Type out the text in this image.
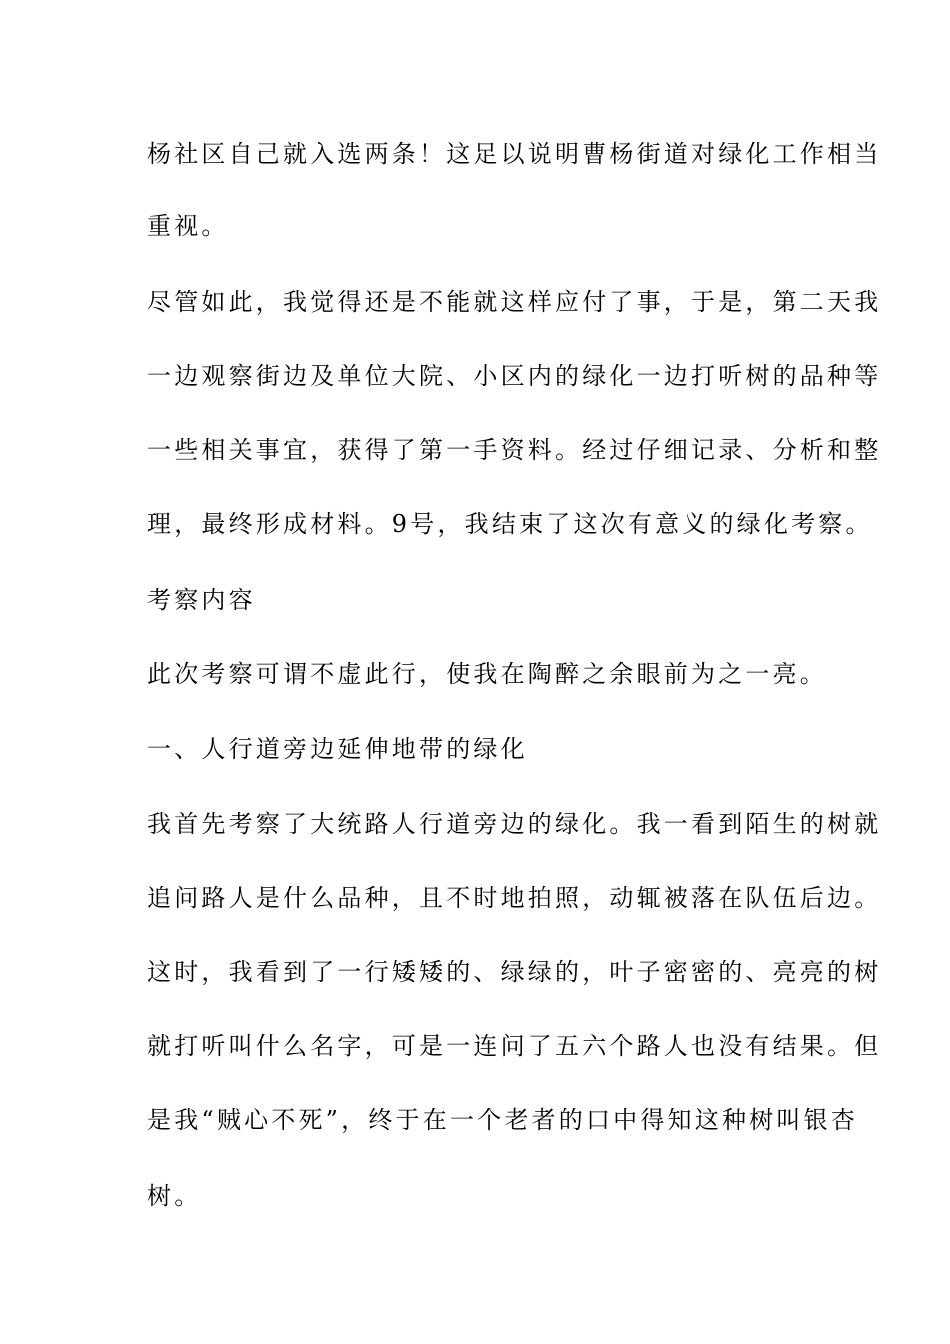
杨社区自己就入选两条！这足以说明曹杨街道对绿化工作相当
重视。
尽管如此，我觉得还是不能就这样应付了事，于是，第二天我
一边观察街边及单位大院、小区内的绿化一边打听树的品种等
一些相关事宜，获得了第一手资料。经过仔细记录、分析和整
理，最终形成材料。9号，我结束了这次有意义的绿化考察。
考察内容
此次考察可谓不虚此行，使我在陶醉之余眼前为之一亮。
一、人行道旁边延伸地带的绿化
我首先考察了大统路人行道旁边的绿化。我一看到陌生的树就
追问路人是什么品种，且不时地拍照，动辄被落在队伍后边。
这时，我看到了一行矮矮的、绿绿的，叶子密密的、亮亮的树
就打听叫什么名字，可是一连问了五六个路人也没有结果。但
是我“贼心不死”，终于在一个老者的口中得知这种树叫银杏
树。
